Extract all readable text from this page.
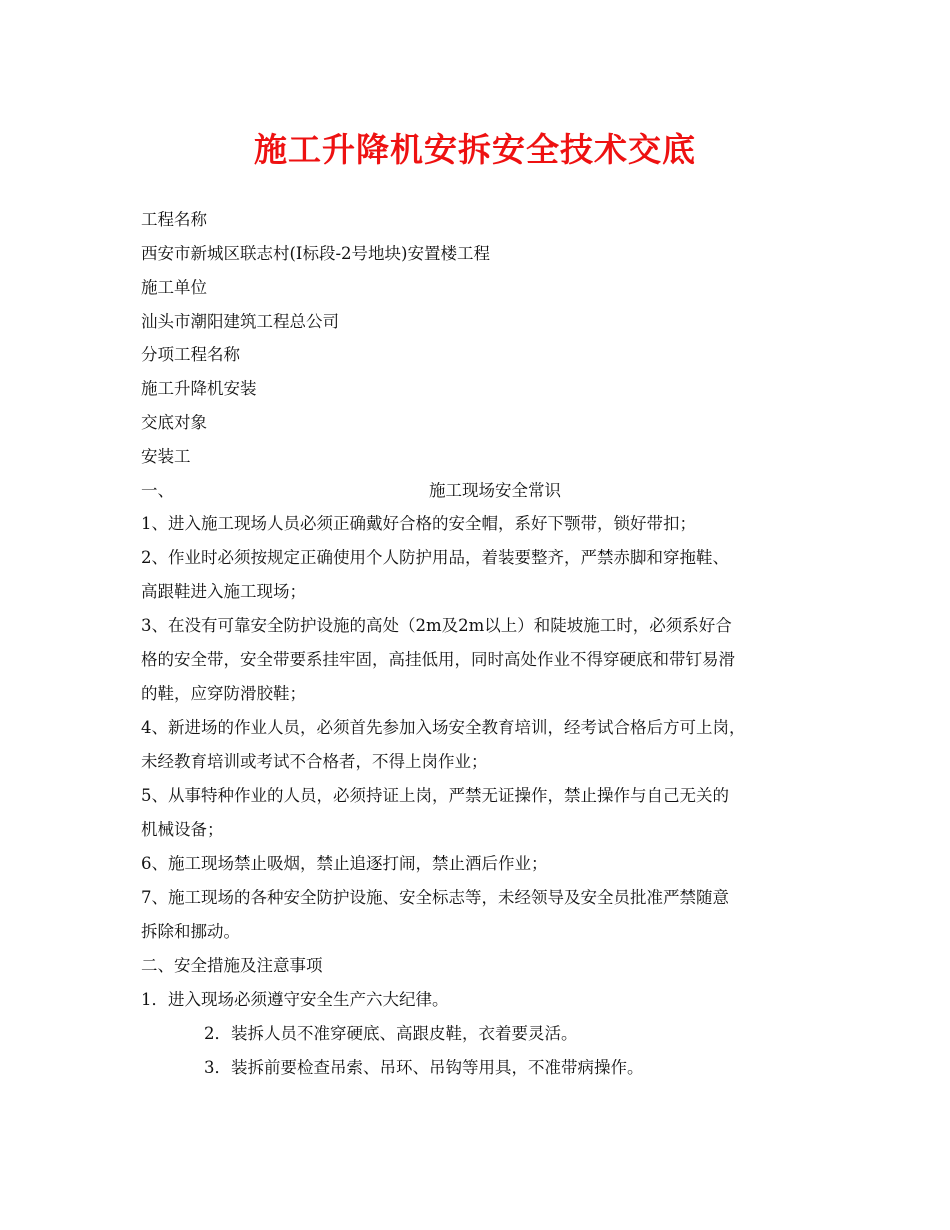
施工升降机安拆安全技术交底
工程名称
西安市新城区联志村(Ⅰ标段-2号地块)安置楼工程
施工单位
汕头市潮阳建筑工程总公司
分项工程名称
施工升降机安装
交底对象
安装工
一、	施工现场安全常识
1、进入施工现场人员必须正确戴好合格的安全帽，系好下颚带，锁好带扣；
2、作业时必须按规定正确使用个人防护用品，着装要整齐，严禁赤脚和穿拖鞋、
高跟鞋进入施工现场；
3、在没有可靠安全防护设施的高处（2m及2m以上）和陡坡施工时，必须系好合
格的安全带，安全带要系挂牢固，高挂低用，同时高处作业不得穿硬底和带钉易滑
的鞋，应穿防滑胶鞋；
4、新进场的作业人员，必须首先参加入场安全教育培训，经考试合格后方可上岗，
未经教育培训或考试不合格者，不得上岗作业；
5、从事特种作业的人员，必须持证上岗，严禁无证操作，禁止操作与自己无关的
机械设备；
6、施工现场禁止吸烟，禁止追逐打闹，禁止酒后作业；
7、施工现场的各种安全防护设施、安全标志等，未经领导及安全员批准严禁随意
拆除和挪动。
二、安全措施及注意事项
1．进入现场必须遵守安全生产六大纪律。
2．装拆人员不准穿硬底、高跟皮鞋，衣着要灵活。
3．装拆前要检查吊索、吊环、吊钩等用具，不准带病操作。
